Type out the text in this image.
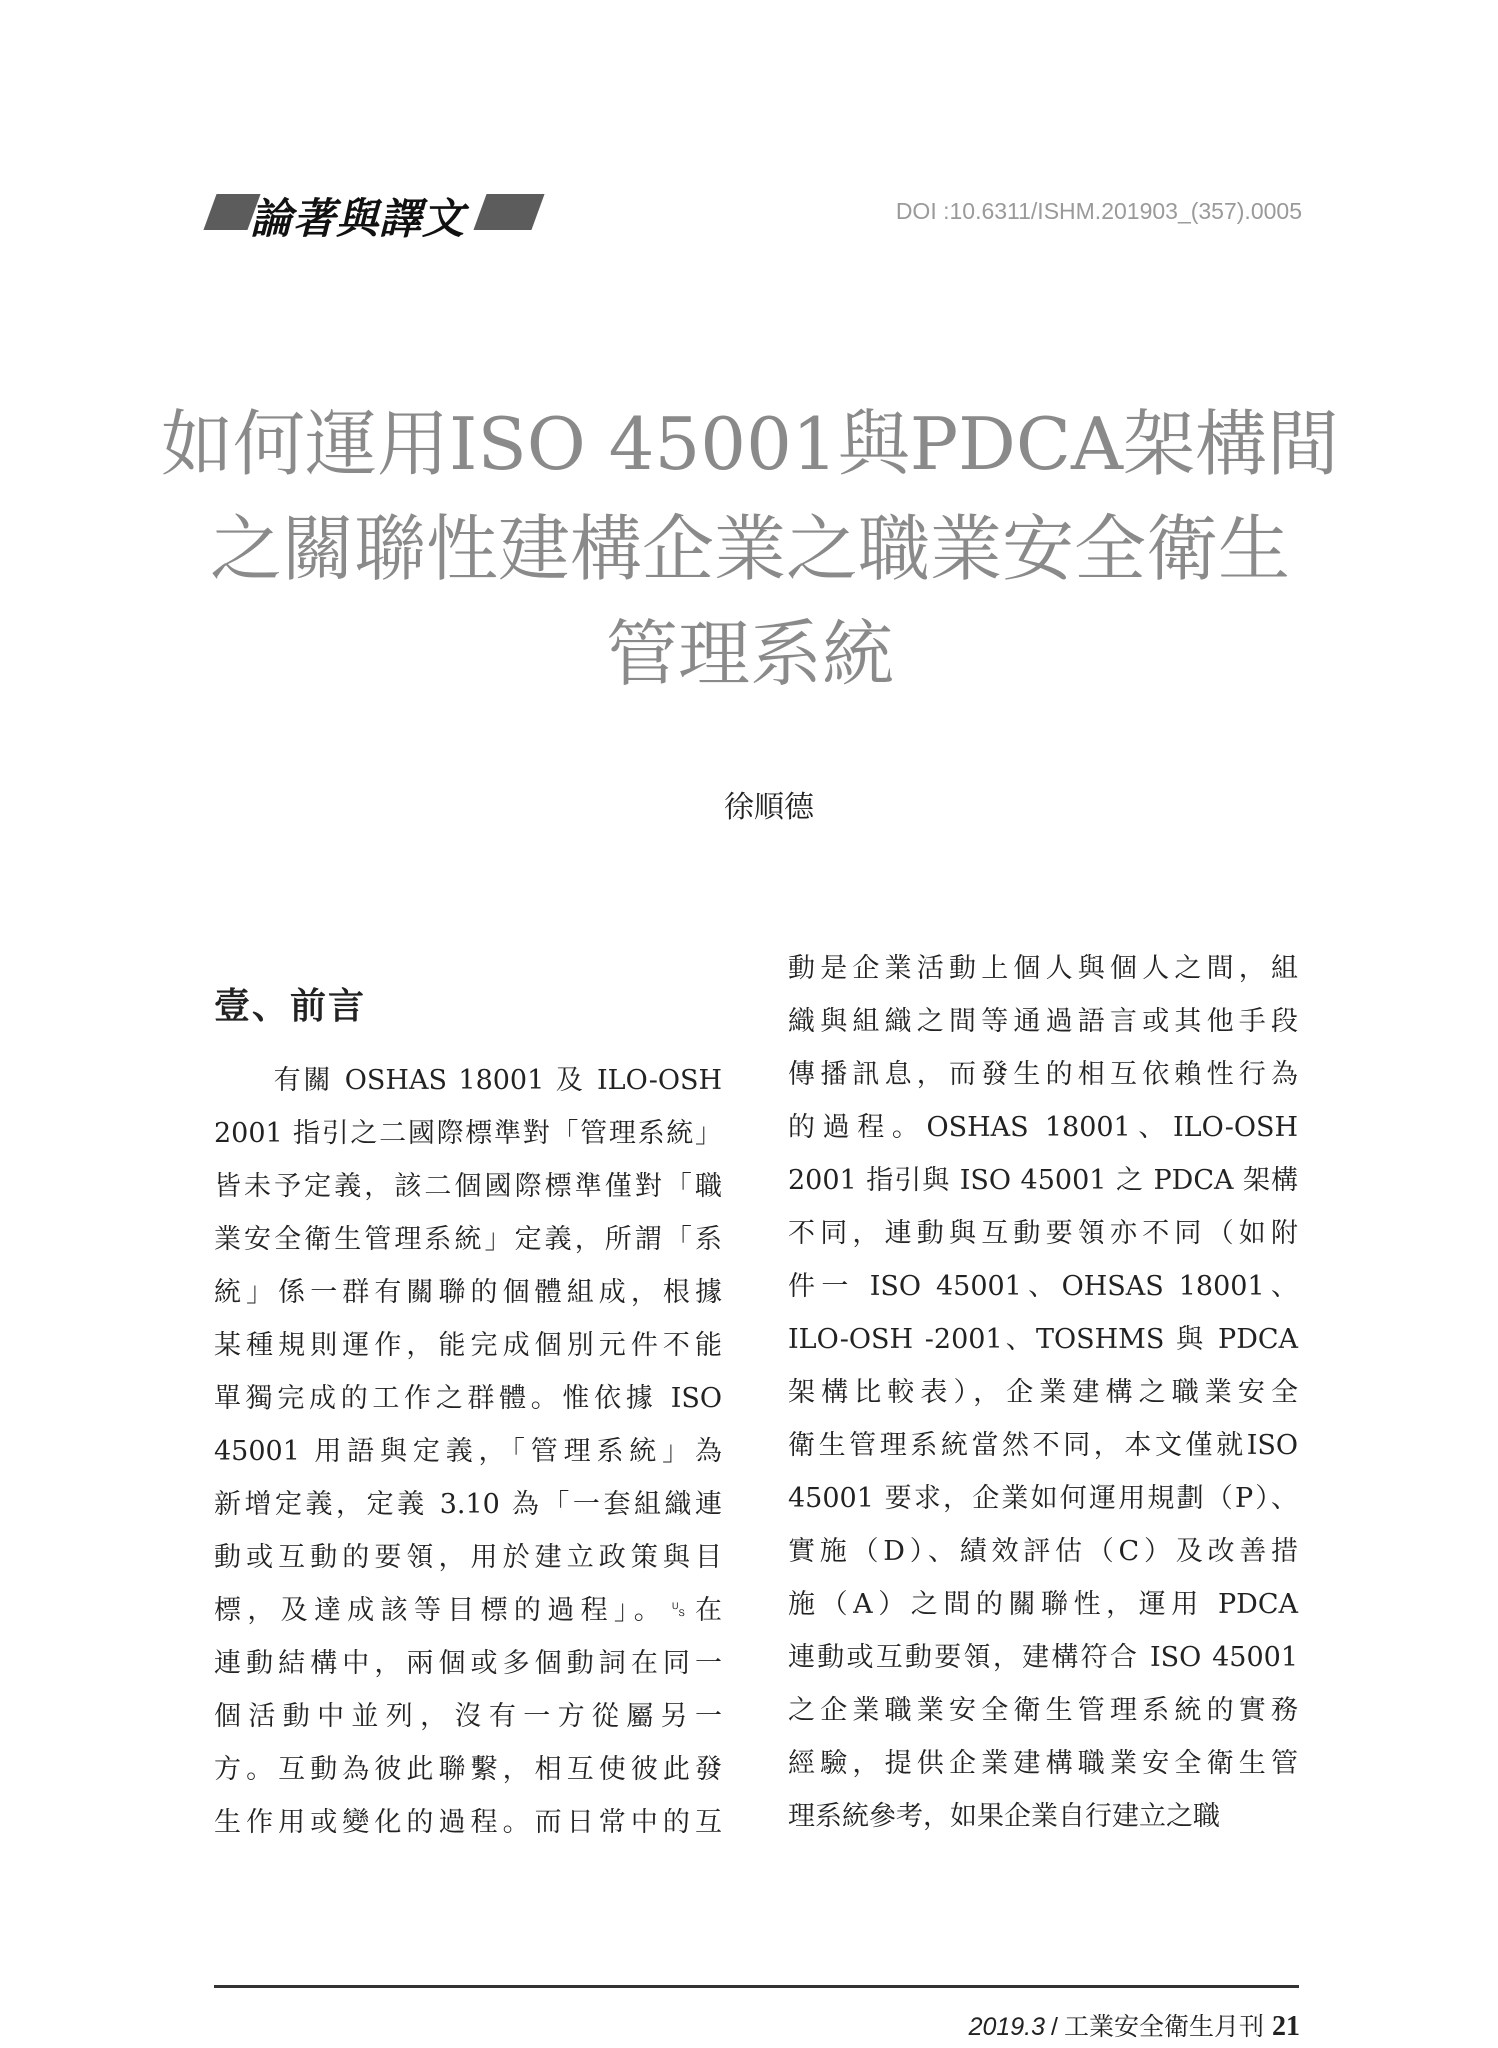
論著與譯文	DOI :10.6311/ISHM.201903_(357).0005
如何運用ISO 45001與PDCA架構間
之關聯性建構企業之職業安全衛生
管理系統
徐順德
壹、前言
　　有關 OSHAS 18001 及 ILO-OSH
2001 指引之二國際標準對「管理系統」
皆未予定義，該二個國際標準僅對「職
業安全衛生管理系統」定義，所謂「系
統」係一群有關聯的個體組成，根據
某種規則運作，能完成個別元件不能
單獨完成的工作之群體。惟依據 ISO
45001 用語與定義，「管理系統」為
新增定義，定義 3.10 為「一套組織連
動或互動的要領，用於建立政策與目
標，及達成該等目標的過程」。␟在
連動結構中，兩個或多個動詞在同一
個活動中並列，沒有一方從屬另一
方。互動為彼此聯繫，相互使彼此發
生作用或變化的過程。而日常中的互
動是企業活動上個人與個人之間，組
織與組織之間等通過語言或其他手段
傳播訊息，而發生的相互依賴性行為
的過程。OSHAS 18001、ILO-OSH
2001 指引與 ISO 45001 之 PDCA 架構
不同，連動與互動要領亦不同（如附
件一 ISO 45001、OHSAS 18001、
ILO-OSH -2001、TOSHMS 與 PDCA
架構比較表），企業建構之職業安全
衛生管理系統當然不同，本文僅就ISO
45001 要求，企業如何運用規劃（P）、
實施（D）、績效評估（C）及改善措
施（A）之間的關聯性，運用 PDCA
連動或互動要領，建構符合 ISO 45001
之企業職業安全衛生管理系統的實務
經驗，提供企業建構職業安全衛生管
理系統參考，如果企業自行建立之職
2019.3 / 工業安全衛生月刊 21
